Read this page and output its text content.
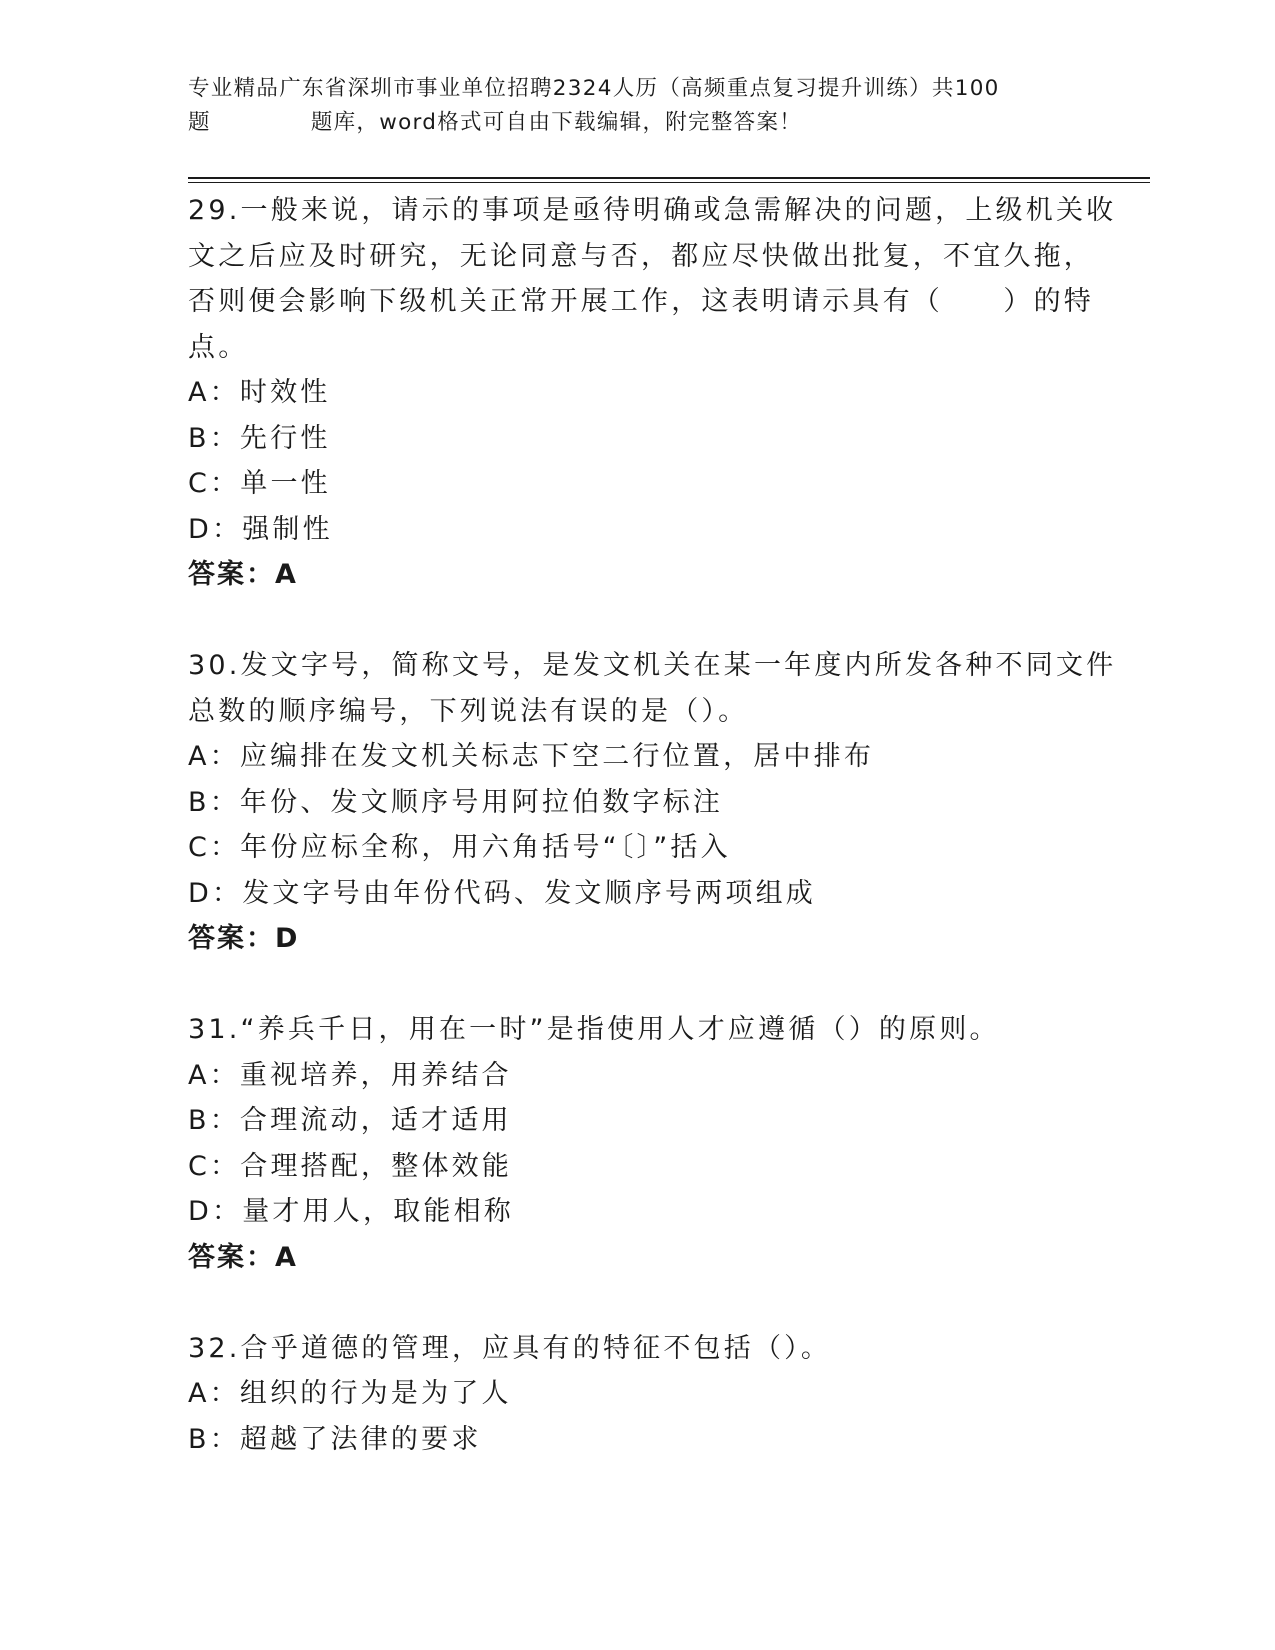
专业精品广东省深圳市事业单位招聘2324人历（高频重点复习提升训练）共100
题	题库，word格式可自由下载编辑，附完整答案！
29.一般来说，请示的事项是亟待明确或急需解决的问题，上级机关收
文之后应及时研究，无论同意与否，都应尽快做出批复，不宜久拖，
否则便会影响下级机关正常开展工作，这表明请示具有（　　）的特
点。
A：时效性
B：先行性
C：单一性
D：强制性
答案：A
30.发文字号，简称文号，是发文机关在某一年度内所发各种不同文件
总数的顺序编号，下列说法有误的是（）。
A：应编排在发文机关标志下空二行位置，居中排布
B：年份、发文顺序号用阿拉伯数字标注
C：年份应标全称，用六角括号“〔〕”括入
D：发文字号由年份代码、发文顺序号两项组成
答案：D
31.“养兵千日，用在一时”是指使用人才应遵循（）的原则。
A：重视培养，用养结合
B：合理流动，适才适用
C：合理搭配，整体效能
D：量才用人，取能相称
答案：A
32.合乎道德的管理，应具有的特征不包括（）。
A：组织的行为是为了人
B：超越了法律的要求
